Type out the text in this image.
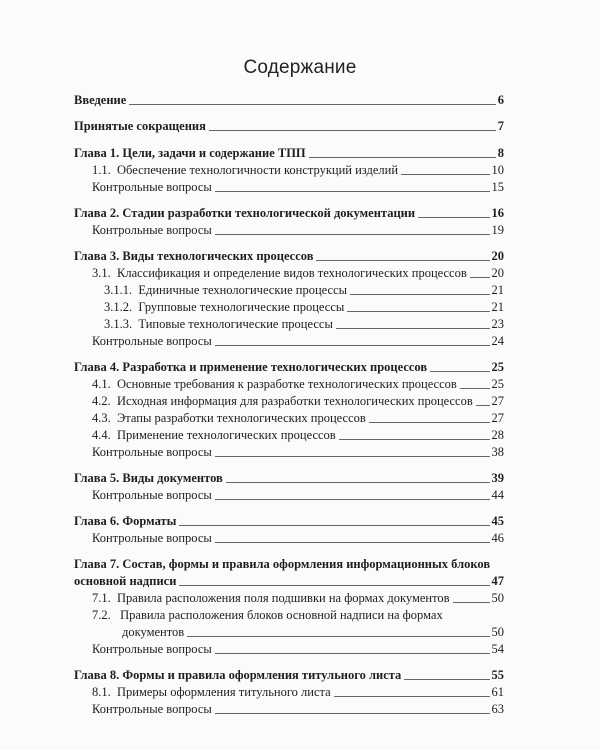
Содержание
Введение	6
Принятые сокращения	7
Глава 1. Цели, задачи и содержание ТПП	8
1.1.
Обеспечение технологичности конструкций изделий	10
Контрольные вопросы	15
Глава 2. Стадии разработки технологической документации	16
Контрольные вопросы	19
Глава 3. Виды технологических процессов	20
3.1.
Классификация и определение видов технологических процессов 20
3.1.1.
Единичные технологические процессы	21
3.1.2.
Групповые технологические процессы	21
3.1.3.
Типовые технологические процессы	23
Контрольные вопросы	24
Глава 4. Разработка и применение технологических процессов	25
4.1.
Основные требования к разработке технологических процессов	25
4.2.
Исходная информация для разработки технологических процессов 27
4.3.
Этапы разработки технологических процессов	27
4.4.
Применение технологических процессов	28
Контрольные вопросы	38
Глава 5. Виды документов	39
Контрольные вопросы	44
Глава 6. Форматы	45
Контрольные вопросы	46
Глава 7. Состав, формы и правила оформления информационных блоков
основной надписи	47
7.1.
Правила расположения поля подшивки на формах документов	50
7.2. Правила расположения блоков основной надписи на формах
документов	50
Контрольные вопросы	54
Глава 8. Формы и правила оформления титульного листа	55
8.1.
Примеры оформления титульного листа	61
Контрольные вопросы	63
